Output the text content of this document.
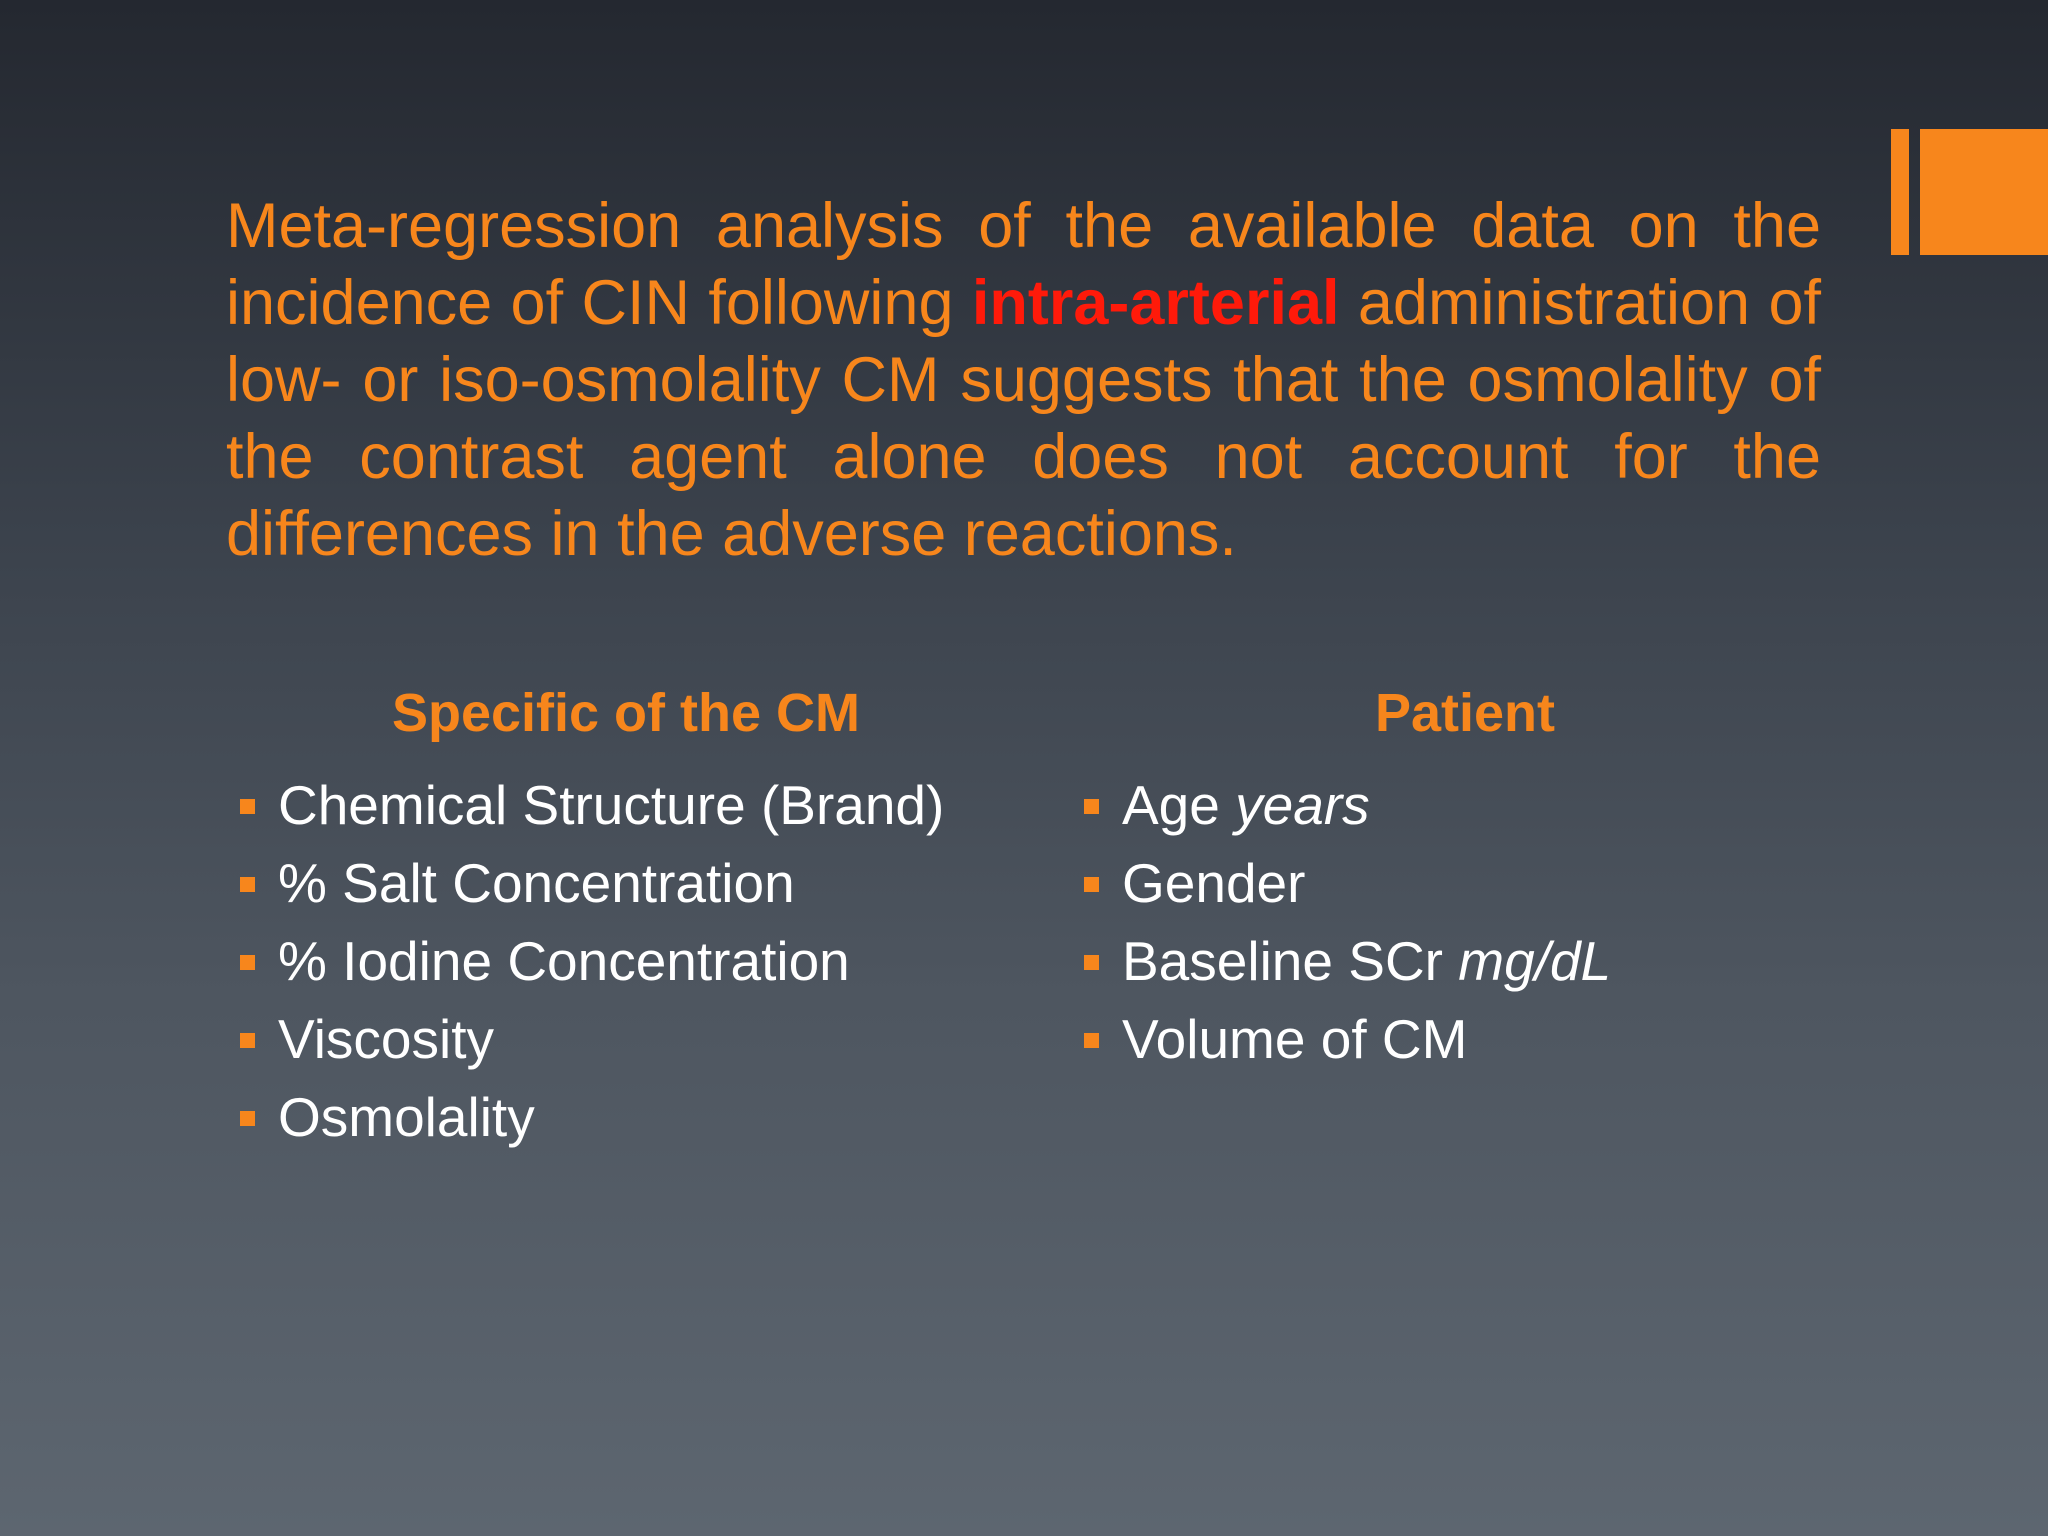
Meta-regression analysis of the available data on the incidence of CIN following intra-arterial administration of low- or iso-osmolality CM suggests that the osmolality of the contrast agent alone does not account for the differences in the adverse reactions.

Specific of the CM
Chemical Structure (Brand)
% Salt Concentration
% Iodine Concentration
Viscosity
Osmolality
Patient
Age years
Gender
Baseline SCr mg/dL
Volume of CM
